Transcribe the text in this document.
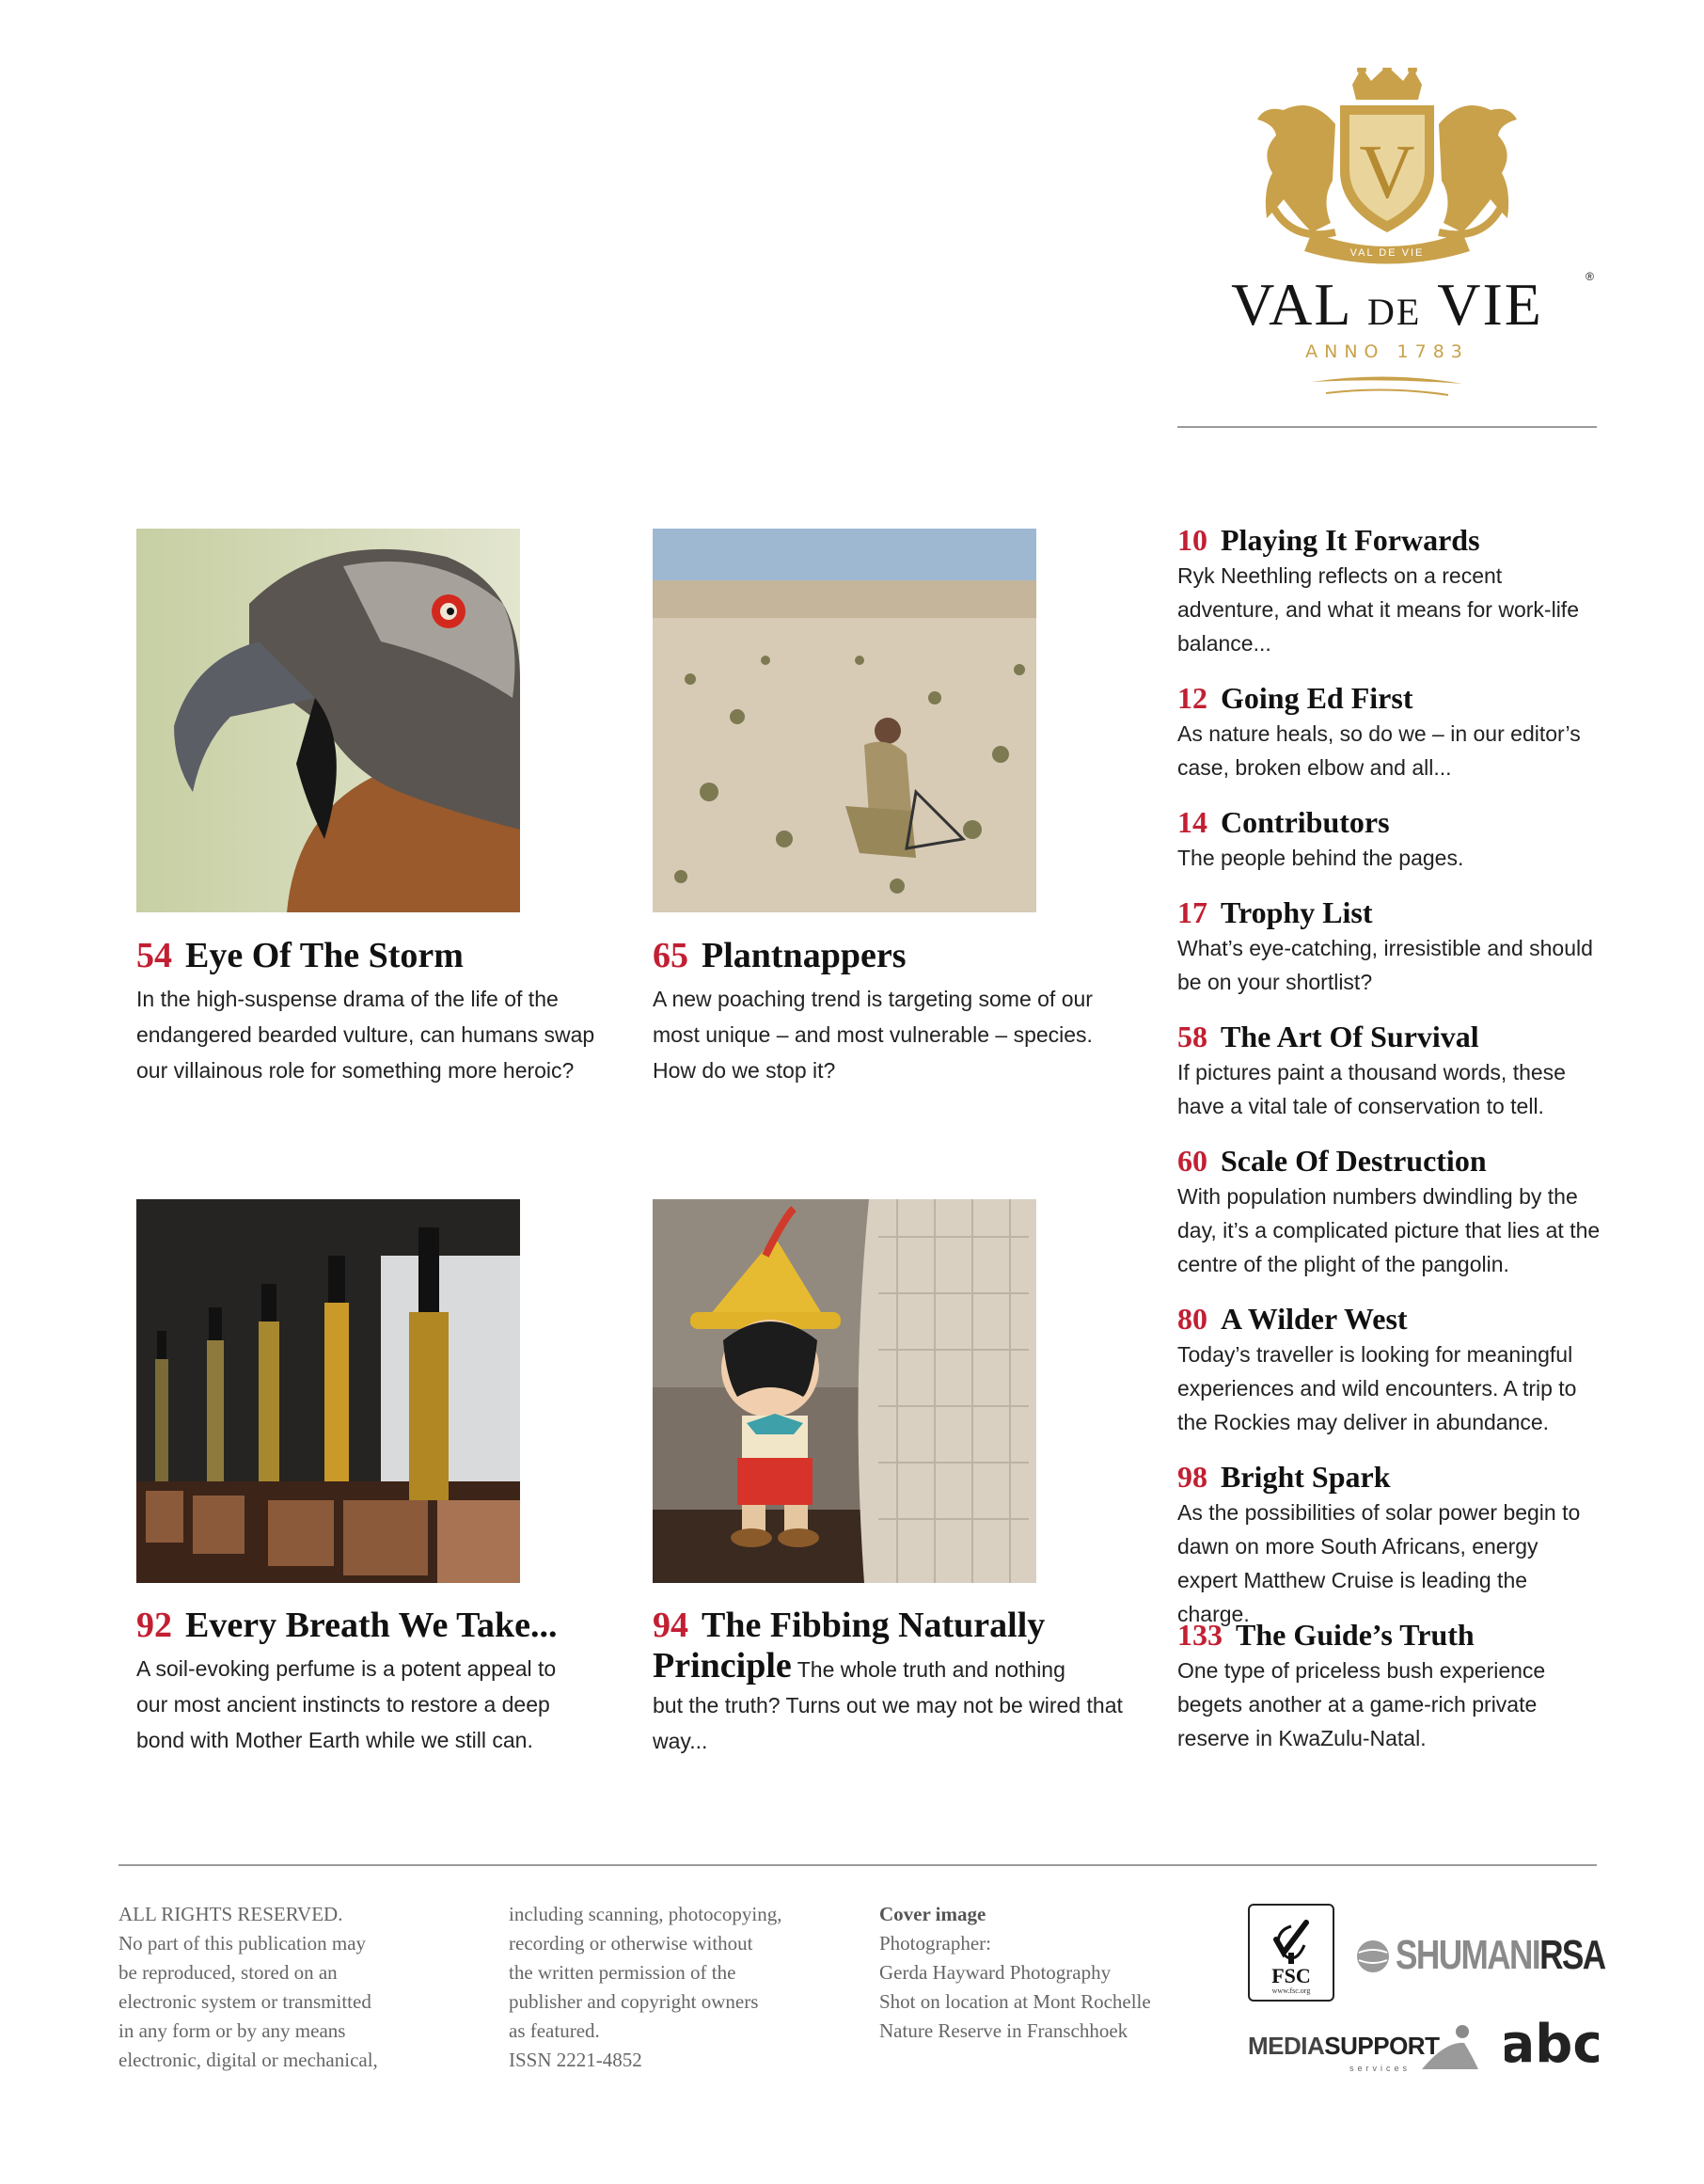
V
VAL DE VIE
VAL DE VIE	®
ANNO 1783
54 Eye Of The Storm
In the high-suspense drama of the life of the endangered bearded vulture, can humans swap our villainous role for something more heroic?
65 Plantnappers
A new poaching trend is targeting some of our most unique – and most vulnerable – species. How do we stop it?
92 Every Breath We Take...
A soil-evoking perfume is a potent appeal to our most ancient instincts to restore a deep bond with Mother Earth while we still can.
94 The Fibbing Naturally
Principle The whole truth and nothing
but the truth? Turns out we may not be wired that way...
10 Playing It Forwards
Ryk Neethling reflects on a recent adventure, and what it means for work-life balance...
12 Going Ed First
As nature heals, so do we – in our editor’s case, broken elbow and all...
14 Contributors
The people behind the pages.
17 Trophy List
What’s eye-catching, irresistible and should be on your shortlist?
58 The Art Of Survival
If pictures paint a thousand words, these have a vital tale of conservation to tell.
60 Scale Of Destruction
With population numbers dwindling by the day, it’s a complicated picture that lies at the centre of the plight of the pangolin.
80 A Wilder West
Today’s traveller is looking for meaningful experiences and wild encounters. A trip to the Rockies may deliver in abundance.
98 Bright Spark
As the possibilities of solar power begin to dawn on more South Africans, energy expert Matthew Cruise is leading the charge.
133 The Guide’s Truth
One type of priceless bush experience begets another at a game-rich private reserve in KwaZulu-Natal.
ALL RIGHTS RESERVED.
No part of this publication may
be reproduced, stored on an
electronic system or transmitted
in any form or by any means
electronic, digital or mechanical,
including scanning, photocopying,
recording or otherwise without
the written permission of the
publisher and copyright owners
as featured.
ISSN 2221-4852
Cover image
Photographer:
Gerda Hayward Photography
Shot on location at Mont Rochelle
Nature Reserve in Franschhoek
FSC
www.fsc.org
SHUMANIRSA
MEDIASUPPORT
services abc
